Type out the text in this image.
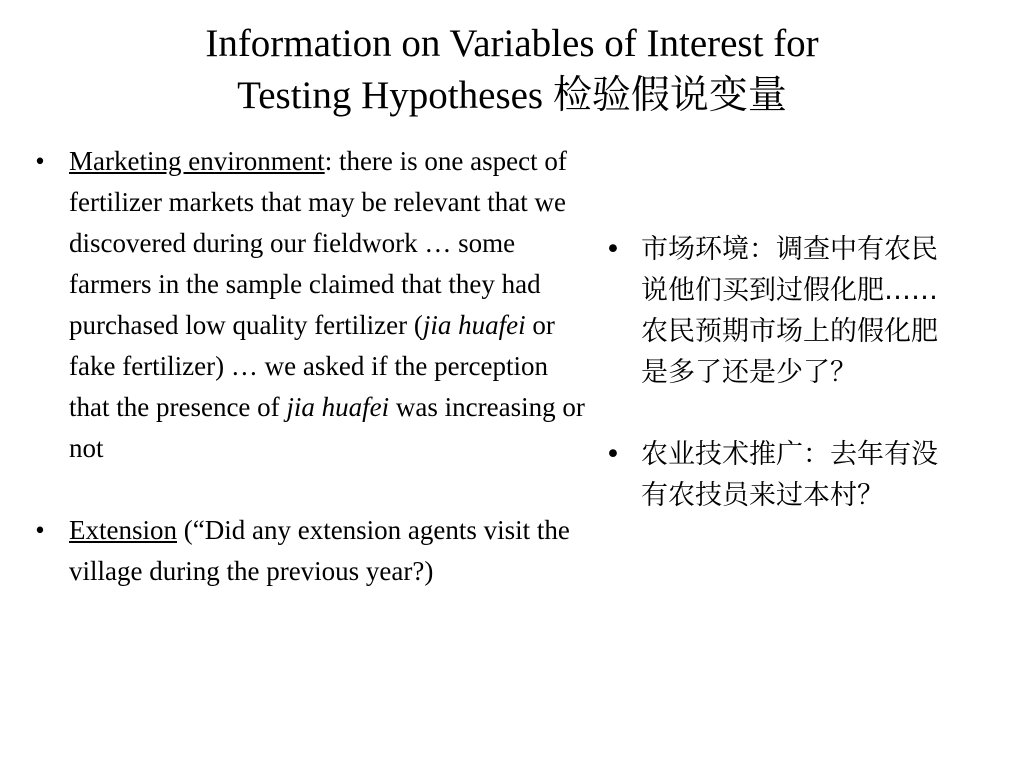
Information on Variables of Interest for
Testing Hypotheses 检验假说变量
• Marketing environment: there is one aspect of fertilizer markets that may be relevant that we discovered during our fieldwork … some farmers in the sample claimed that they had purchased low quality fertilizer (jia huafei or fake fertilizer) … we asked if the perception that the presence of jia huafei was increasing or not
• Extension (“Did any extension agents visit the village during the previous year?)
• 市场环境：调查中有农民说他们买到过假化肥……农民预期市场上的假化肥是多了还是少了？
• 农业技术推广：去年有没有农技员来过本村？
